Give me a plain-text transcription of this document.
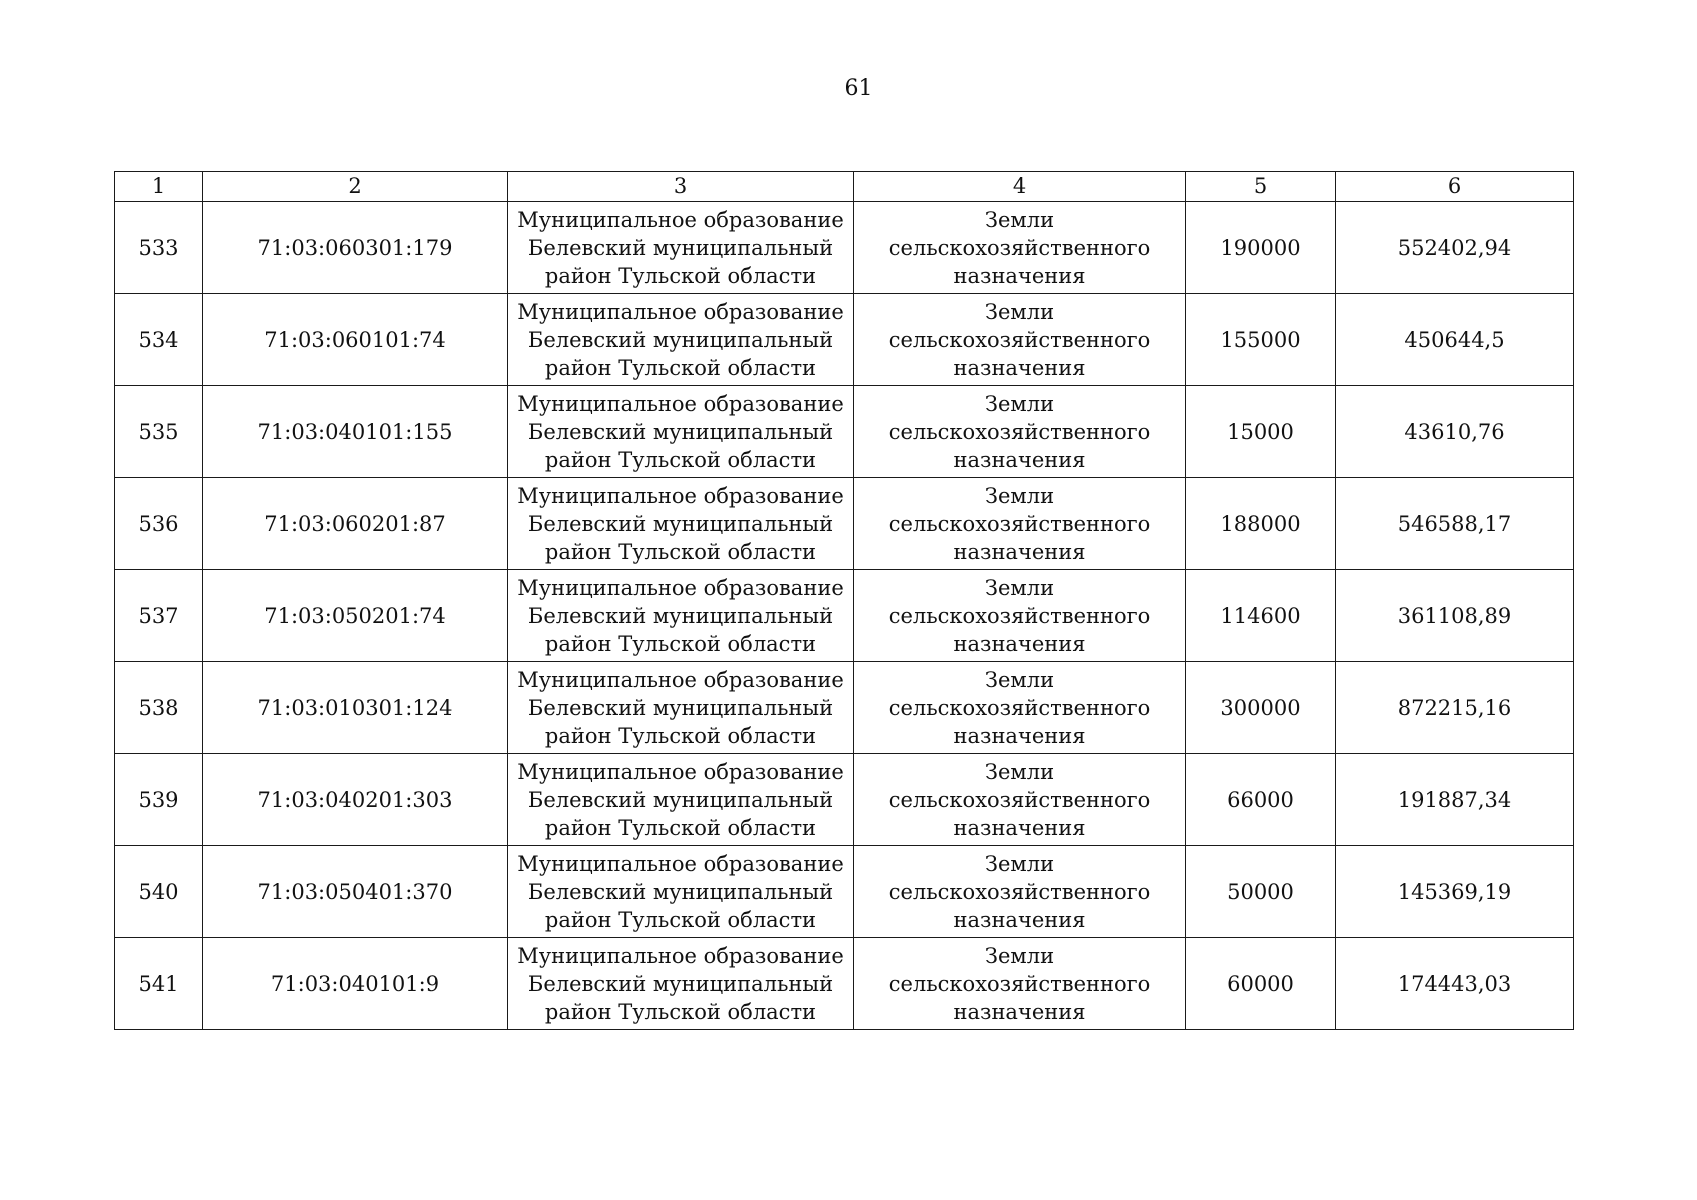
61
1	2	3	4	5	6
533	71:03:060301:179	Муниципальное образование
Белевский муниципальный
район Тульской области	Земли
сельскохозяйственного
назначения	190000	552402,94
534	71:03:060101:74	Муниципальное образование
Белевский муниципальный
район Тульской области	Земли
сельскохозяйственного
назначения	155000	450644,5
535	71:03:040101:155	Муниципальное образование
Белевский муниципальный
район Тульской области	Земли
сельскохозяйственного
назначения	15000	43610,76
536	71:03:060201:87	Муниципальное образование
Белевский муниципальный
район Тульской области	Земли
сельскохозяйственного
назначения	188000	546588,17
537	71:03:050201:74	Муниципальное образование
Белевский муниципальный
район Тульской области	Земли
сельскохозяйственного
назначения	114600	361108,89
538	71:03:010301:124	Муниципальное образование
Белевский муниципальный
район Тульской области	Земли
сельскохозяйственного
назначения	300000	872215,16
539	71:03:040201:303	Муниципальное образование
Белевский муниципальный
район Тульской области	Земли
сельскохозяйственного
назначения	66000	191887,34
540	71:03:050401:370	Муниципальное образование
Белевский муниципальный
район Тульской области	Земли
сельскохозяйственного
назначения	50000	145369,19
541	71:03:040101:9	Муниципальное образование
Белевский муниципальный
район Тульской области	Земли
сельскохозяйственного
назначения	60000	174443,03
